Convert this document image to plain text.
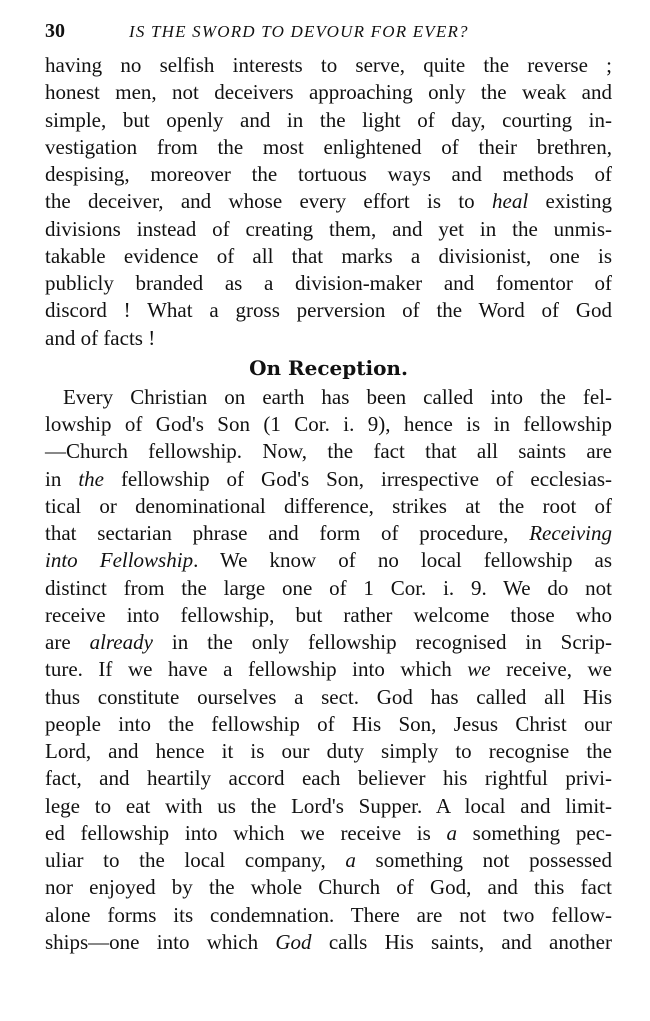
30	IS THE SWORD TO DEVOUR FOR EVER?
having no selfish interests to serve, quite the reverse ;
honest men, not deceivers approaching only the weak and
simple, but openly and in the light of day, courting in-
vestigation from the most enlightened of their brethren,
despising, moreover the tortuous ways and methods of
the deceiver, and whose every effort is to heal existing
divisions instead of creating them, and yet in the unmis-
takable evidence of all that marks a divisionist, one is
publicly branded as a division-maker and fomentor of
discord ! What a gross perversion of the Word of God
and of facts !
On Reception.
Every Christian on earth has been called into the fel-
lowship of God's Son (1 Cor. i. 9), hence is in fellowship
—Church fellowship. Now, the fact that all saints are
in the fellowship of God's Son, irrespective of ecclesias-
tical or denominational difference, strikes at the root of
that sectarian phrase and form of procedure, Receiving
into Fellowship. We know of no local fellowship as
distinct from the large one of 1 Cor. i. 9. We do not
receive into fellowship, but rather welcome those who
are already in the only fellowship recognised in Scrip-
ture. If we have a fellowship into which we receive, we
thus constitute ourselves a sect. God has called all His
people into the fellowship of His Son, Jesus Christ our
Lord, and hence it is our duty simply to recognise the
fact, and heartily accord each believer his rightful privi-
lege to eat with us the Lord's Supper. A local and limit-
ed fellowship into which we receive is a something pec-
uliar to the local company, a something not possessed
nor enjoyed by the whole Church of God, and this fact
alone forms its condemnation. There are not two fellow-
ships—one into which God calls His saints, and another
